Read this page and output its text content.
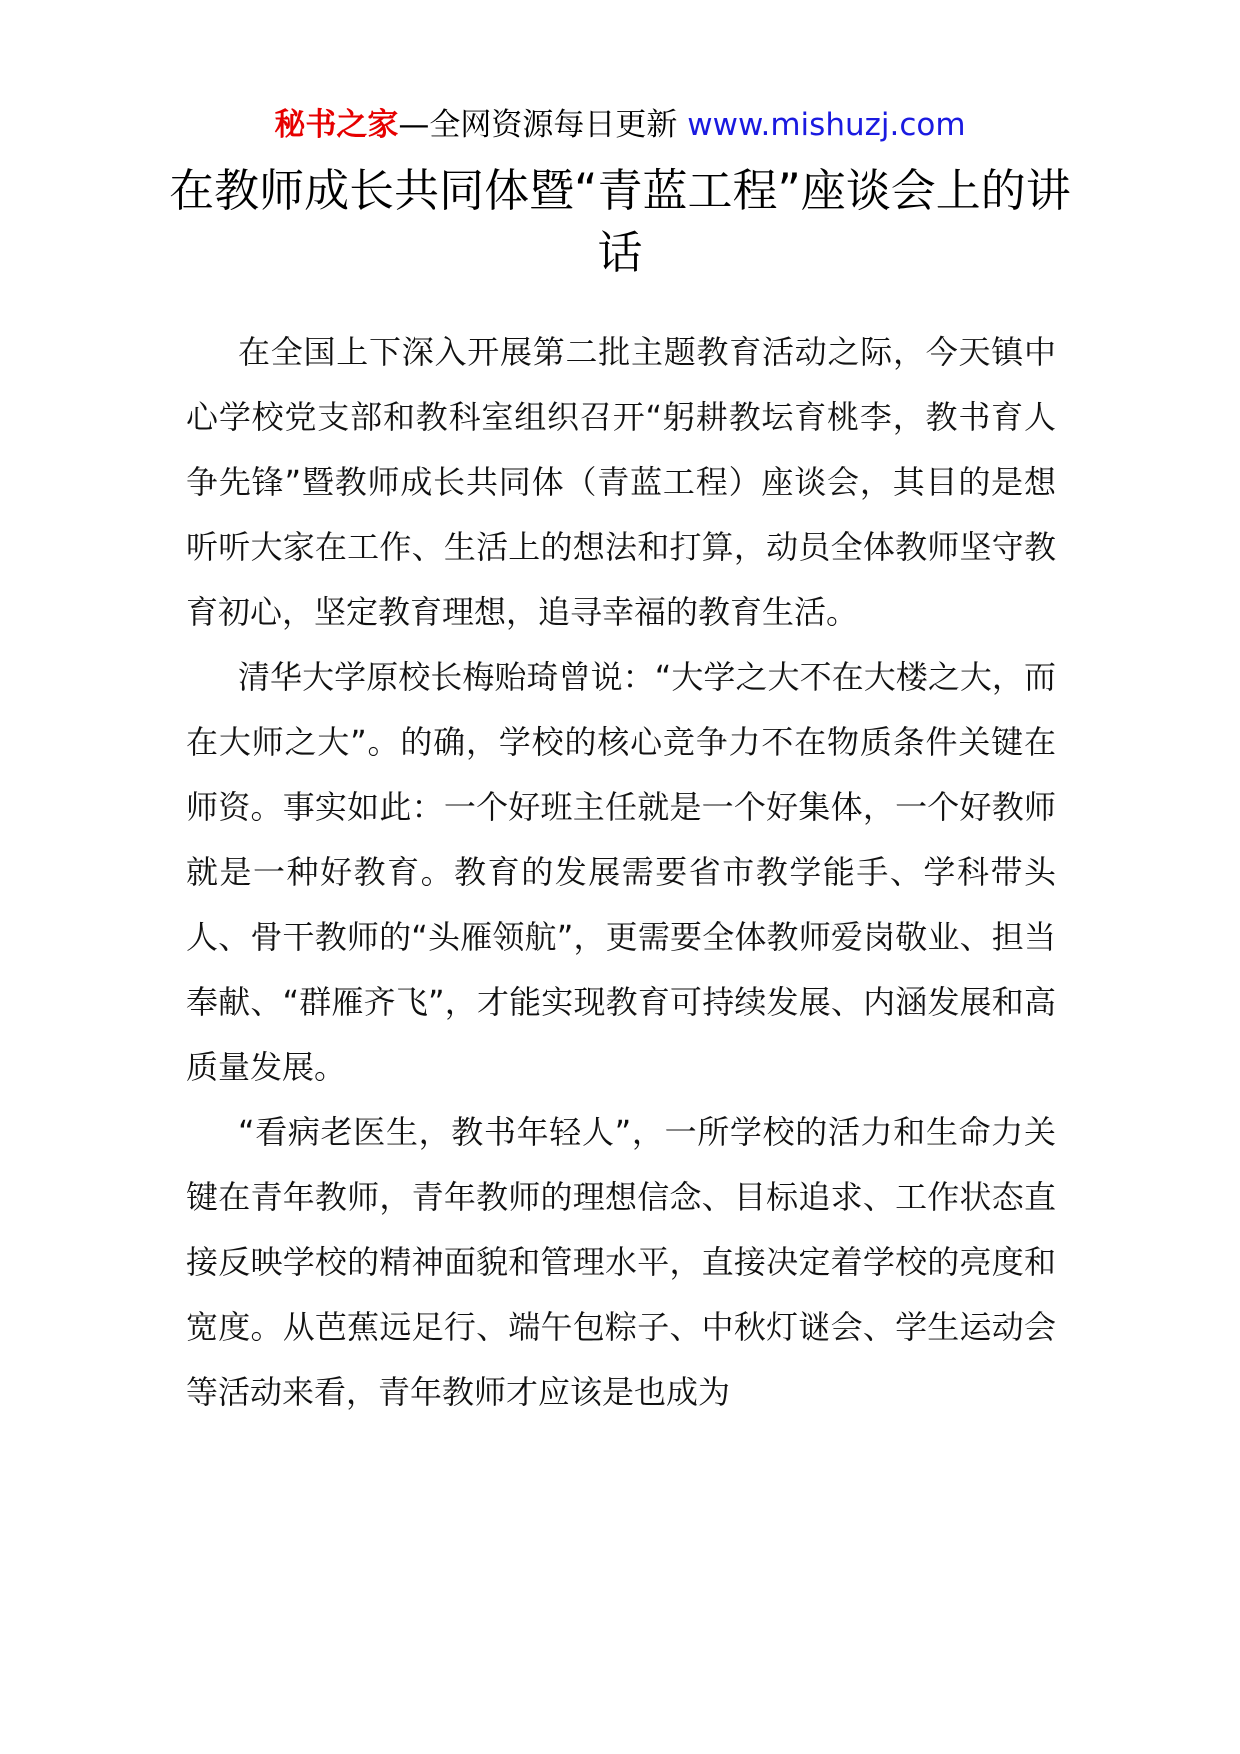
秘书之家—全网资源每日更新 www.mishuzj.com
在教师成长共同体暨“青蓝工程”座谈会上的讲话

在全国上下深入开展第二批主题教育活动之际，今天镇中心学校党支部和教科室组织召开“躬耕教坛育桃李，教书育人争先锋”暨教师成长共同体（青蓝工程）座谈会，其目的是想听听大家在工作、生活上的想法和打算，动员全体教师坚守教育初心，坚定教育理想，追寻幸福的教育生活。

清华大学原校长梅贻琦曾说：“大学之大不在大楼之大，而在大师之大”。的确，学校的核心竞争力不在物质条件关键在师资。事实如此：一个好班主任就是一个好集体，一个好教师就是一种好教育。教育的发展需要省市教学能手、学科带头人、骨干教师的“头雁领航”，更需要全体教师爱岗敬业、担当奉献、“群雁齐飞”，才能实现教育可持续发展、内涵发展和高质量发展。

“看病老医生，教书年轻人”，一所学校的活力和生命力关键在青年教师，青年教师的理想信念、目标追求、工作状态直接反映学校的精神面貌和管理水平，直接决定着学校的亮度和宽度。从芭蕉远足行、端午包粽子、中秋灯谜会、学生运动会等活动来看，青年教师才应该是也成为
